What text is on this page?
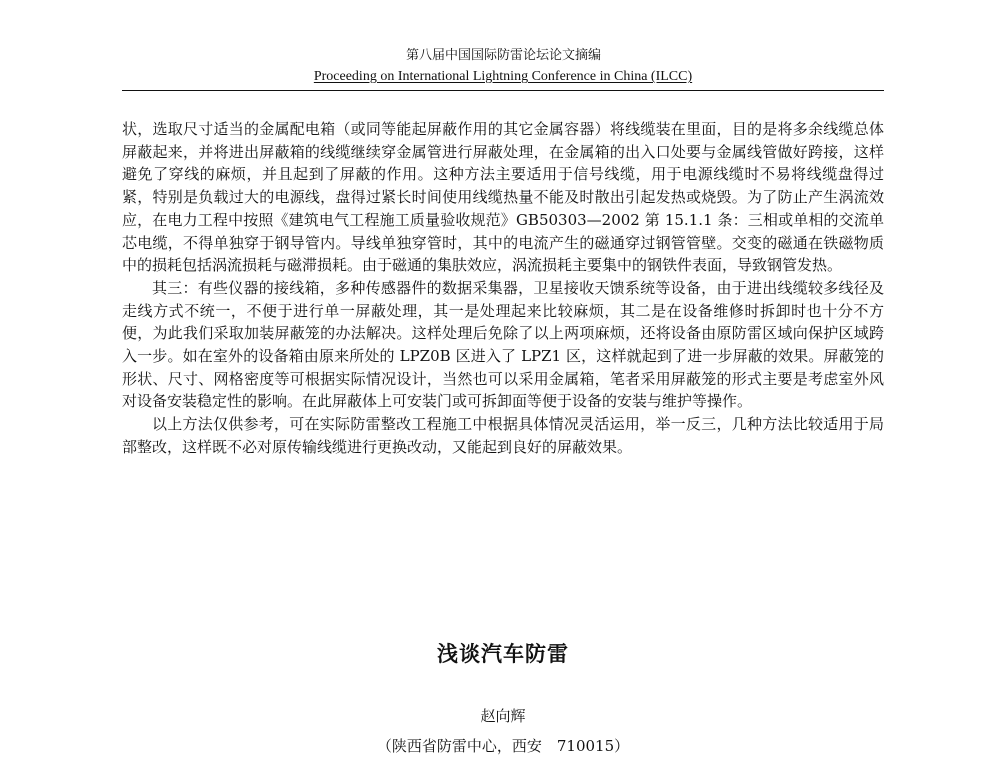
第八届中国国际防雷论坛论文摘编
Proceeding on International Lightning Conference in China (ILCC)

状，选取尺寸适当的金属配电箱（或同等能起屏蔽作用的其它金属容器）将线缆装在里面，目的是将多余线缆总体屏蔽起来，并将进出屏蔽箱的线缆继续穿金属管进行屏蔽处理，在金属箱的出入口处要与金属线管做好跨接，这样避免了穿线的麻烦，并且起到了屏蔽的作用。这种方法主要适用于信号线缆，用于电源线缆时不易将线缆盘得过紧，特别是负载过大的电源线，盘得过紧长时间使用线缆热量不能及时散出引起发热或烧毁。为了防止产生涡流效应，在电力工程中按照《建筑电气工程施工质量验收规范》GB50303—2002 第 15.1.1 条：三相或单相的交流单芯电缆，不得单独穿于钢导管内。导线单独穿管时，其中的电流产生的磁通穿过钢管管壁。交变的磁通在铁磁物质中的损耗包括涡流损耗与磁滞损耗。由于磁通的集肤效应，涡流损耗主要集中的钢铁件表面，导致钢管发热。

其三：有些仪器的接线箱，多种传感器件的数据采集器，卫星接收天馈系统等设备，由于进出线缆较多线径及走线方式不统一，不便于进行单一屏蔽处理，其一是处理起来比较麻烦，其二是在设备维修时拆卸时也十分不方便，为此我们采取加装屏蔽笼的办法解决。这样处理后免除了以上两项麻烦，还将设备由原防雷区域向保护区域跨入一步。如在室外的设备箱由原来所处的 LPZ0B 区进入了 LPZ1 区，这样就起到了进一步屏蔽的效果。屏蔽笼的形状、尺寸、网格密度等可根据实际情况设计，当然也可以采用金属箱，笔者采用屏蔽笼的形式主要是考虑室外风对设备安装稳定性的影响。在此屏蔽体上可安装门或可拆卸面等便于设备的安装与维护等操作。

以上方法仅供参考，可在实际防雷整改工程施工中根据具体情况灵活运用，举一反三，几种方法比较适用于局部整改，这样既不必对原传输线缆进行更换改动，又能起到良好的屏蔽效果。

浅谈汽车防雷
赵向辉
（陕西省防雷中心，西安　710015）
